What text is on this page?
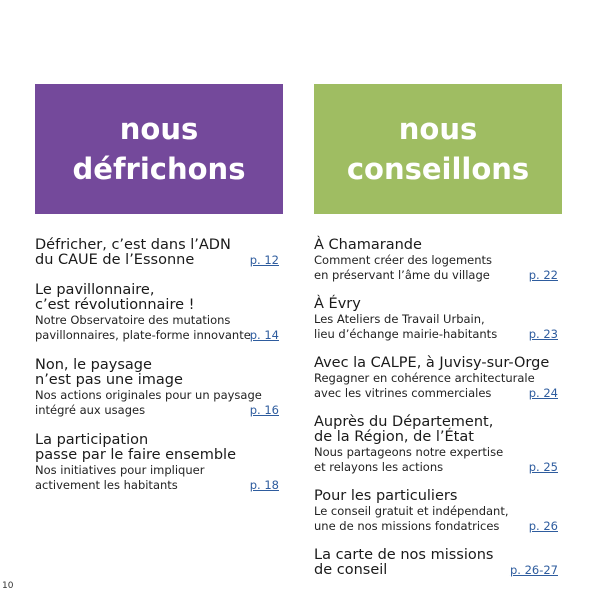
nous
défrichons
nous
conseillons
Défricher, c’est dans l’ADN
du CAUE de l’Essonne	p. 12
Le pavillonnaire,
c’est révolutionnaire !
Notre Observatoire des mutations
pavillonnaires, plate-forme innovante
p. 14
Non, le paysage
n’est pas une image
Nos actions originales pour un paysage
intégré aux usages	p. 16
La participation
passe par le faire ensemble
Nos initiatives pour impliquer
activement les habitants	p. 18
À Chamarande
Comment créer des logements
en préservant l’âme du village	p. 22
À Évry
Les Ateliers de Travail Urbain,
lieu d’échange mairie-habitants	p. 23
Avec la CALPE, à Juvisy-sur-Orge
Regagner en cohérence architecturale
avec les vitrines commerciales	p. 24
Auprès du Département,
de la Région, de l’État
Nous partageons notre expertise
et relayons les actions	p. 25
Pour les particuliers
Le conseil gratuit et indépendant,
une de nos missions fondatrices	p. 26
La carte de nos missions
de conseil	p. 26-27
10
